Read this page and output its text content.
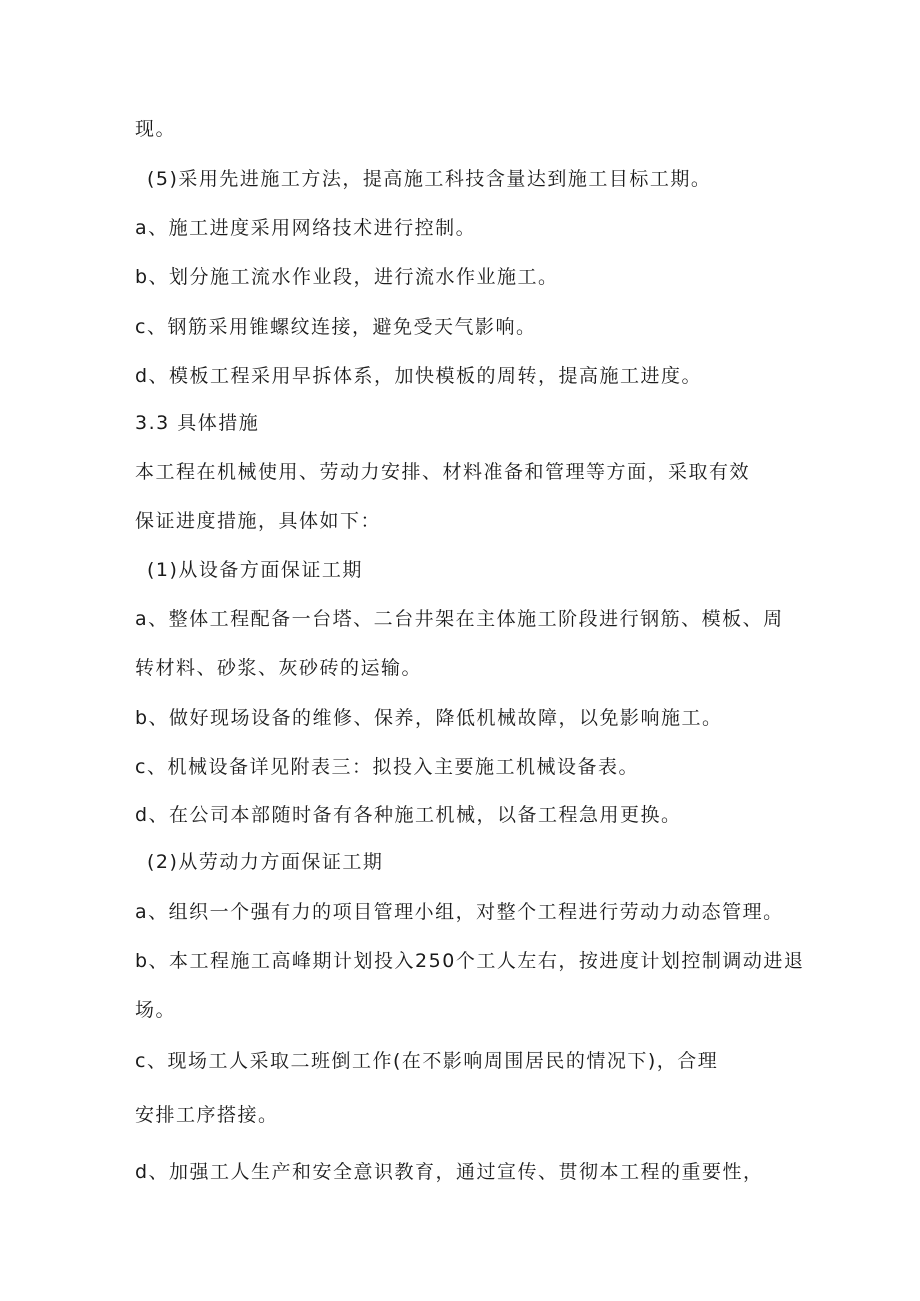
现。
(5)采用先进施工方法，提高施工科技含量达到施工目标工期。
a、施工进度采用网络技术进行控制。
b、划分施工流水作业段，进行流水作业施工。
c、钢筋采用锥螺纹连接，避免受天气影响。
d、模板工程采用早拆体系，加快模板的周转，提高施工进度。
3.3 具体措施
本工程在机械使用、劳动力安排、材料准备和管理等方面，采取有效
保证进度措施，具体如下：
(1)从设备方面保证工期
a、整体工程配备一台塔、二台井架在主体施工阶段进行钢筋、模板、周
转材料、砂浆、灰砂砖的运输。
b、做好现场设备的维修、保养，降低机械故障，以免影响施工。
c、机械设备详见附表三：拟投入主要施工机械设备表。
d、在公司本部随时备有各种施工机械，以备工程急用更换。
(2)从劳动力方面保证工期
a、组织一个强有力的项目管理小组，对整个工程进行劳动力动态管理。
b、本工程施工高峰期计划投入250个工人左右，按进度计划控制调动进退
场。
c、现场工人采取二班倒工作(在不影响周围居民的情况下)，合理
安排工序搭接。
d、加强工人生产和安全意识教育，通过宣传、贯彻本工程的重要性，
